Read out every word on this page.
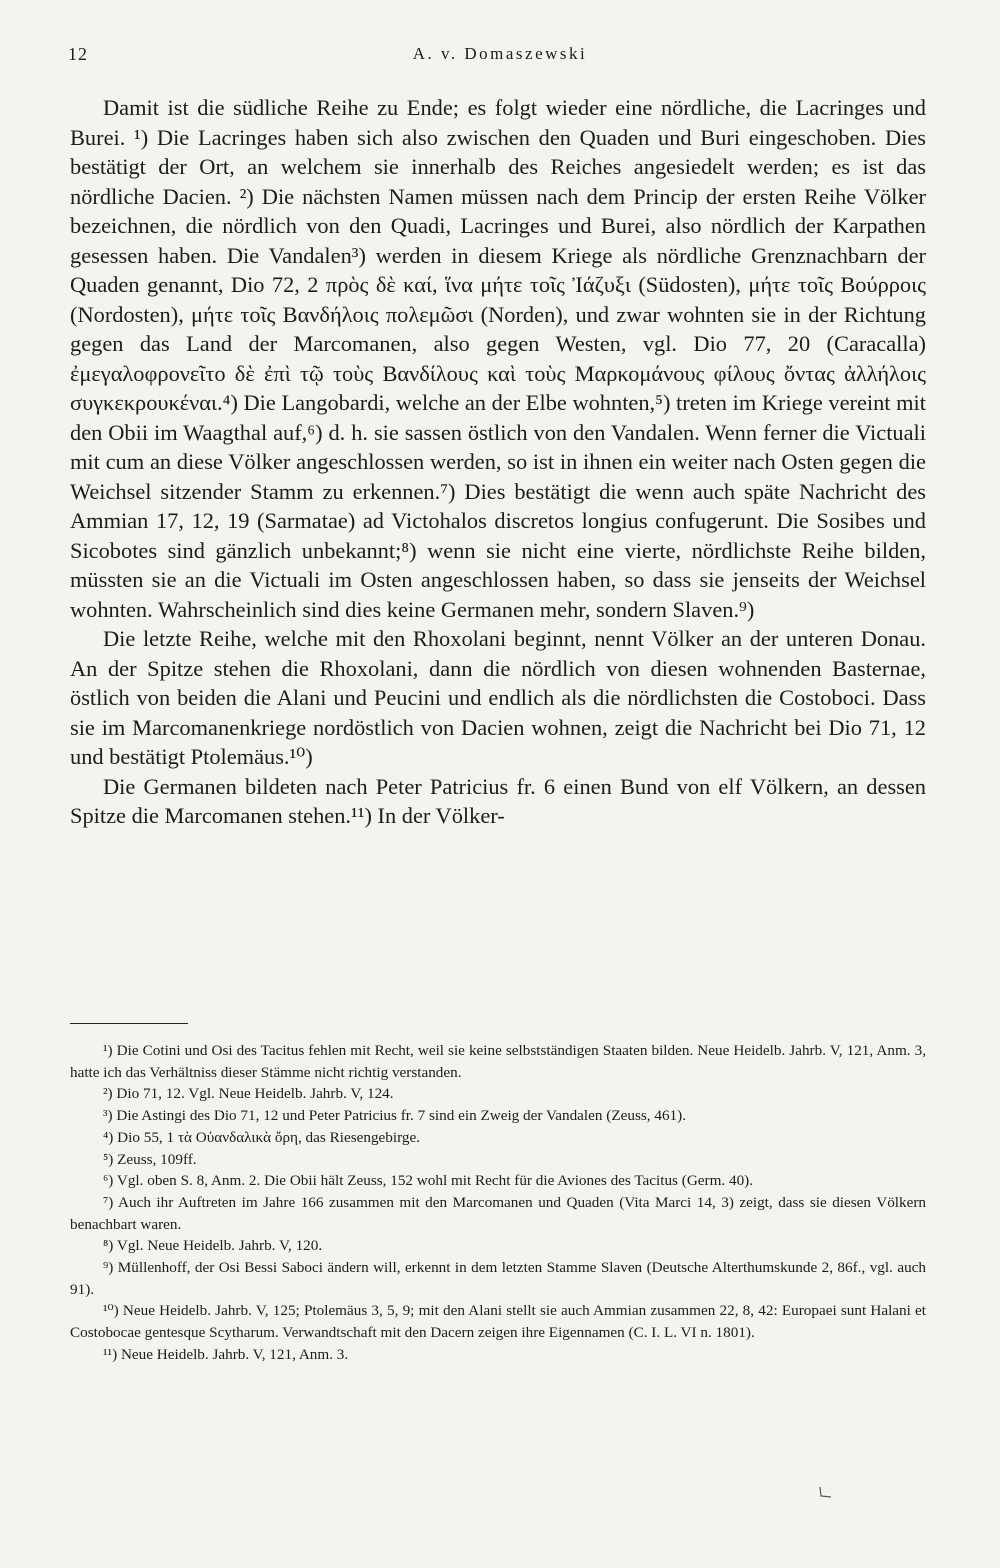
12	A. v. Domaszewski

Damit ist die südliche Reihe zu Ende; es folgt wieder eine nördliche, die Lacringes und Burei. ¹) Die Lacringes haben sich also zwischen den Quaden und Buri eingeschoben. Dies bestätigt der Ort, an welchem sie innerhalb des Reiches angesiedelt werden; es ist das nördliche Dacien. ²) Die nächsten Namen müssen nach dem Princip der ersten Reihe Völker bezeichnen, die nördlich von den Quadi, Lacringes und Burei, also nördlich der Karpathen gesessen haben. Die Vandalen³) werden in diesem Kriege als nördliche Grenznachbarn der Quaden genannt, Dio 72, 2 πρὸς δὲ καί, ἵνα μήτε τοῖς Ἰάζυξι (Südosten), μήτε τοῖς Βούρροις (Nordosten), μήτε τοῖς Βανδήλοις πολεμῶσι (Norden), und zwar wohnten sie in der Richtung gegen das Land der Marcomanen, also gegen Westen, vgl. Dio 77, 20 (Caracalla) ἐμεγαλοφρονεῖτο δὲ ἐπὶ τῷ τοὺς Βανδίλους καὶ τοὺς Μαρκομάνους φίλους ὄντας ἀλλήλοις συγκεκρουκέναι.⁴) Die Langobardi, welche an der Elbe wohnten,⁵) treten im Kriege vereint mit den Obii im Waagthal auf,⁶) d. h. sie sassen östlich von den Vandalen. Wenn ferner die Victuali mit cum an diese Völker angeschlossen werden, so ist in ihnen ein weiter nach Osten gegen die Weichsel sitzender Stamm zu erkennen.⁷) Dies bestätigt die wenn auch späte Nachricht des Ammian 17, 12, 19 (Sarmatae) ad Victohalos discretos longius confugerunt. Die Sosibes und Sicobotes sind gänzlich unbekannt;⁸) wenn sie nicht eine vierte, nördlichste Reihe bilden, müssten sie an die Victuali im Osten angeschlossen haben, so dass sie jenseits der Weichsel wohnten. Wahrscheinlich sind dies keine Germanen mehr, sondern Slaven.⁹)

Die letzte Reihe, welche mit den Rhoxolani beginnt, nennt Völker an der unteren Donau. An der Spitze stehen die Rhoxolani, dann die nördlich von diesen wohnenden Basternae, östlich von beiden die Alani und Peucini und endlich als die nördlichsten die Costoboci. Dass sie im Marcomanenkriege nordöstlich von Dacien wohnen, zeigt die Nachricht bei Dio 71, 12 und bestätigt Ptolemäus.¹⁰)

Die Germanen bildeten nach Peter Patricius fr. 6 einen Bund von elf Völkern, an dessen Spitze die Marcomanen stehen.¹¹) In der Völker-

¹) Die Cotini und Osi des Tacitus fehlen mit Recht, weil sie keine selbstständigen Staaten bilden. Neue Heidelb. Jahrb. V, 121, Anm. 3, hatte ich das Verhältniss dieser Stämme nicht richtig verstanden.

²) Dio 71, 12. Vgl. Neue Heidelb. Jahrb. V, 124.

³) Die Astingi des Dio 71, 12 und Peter Patricius fr. 7 sind ein Zweig der Vandalen (Zeuss, 461).

⁴) Dio 55, 1 τὰ Οὐανδαλικὰ ὄρη, das Riesengebirge.

⁵) Zeuss, 109ff.

⁶) Vgl. oben S. 8, Anm. 2. Die Obii hält Zeuss, 152 wohl mit Recht für die Aviones des Tacitus (Germ. 40).

⁷) Auch ihr Auftreten im Jahre 166 zusammen mit den Marcomanen und Quaden (Vita Marci 14, 3) zeigt, dass sie diesen Völkern benachbart waren.

⁸) Vgl. Neue Heidelb. Jahrb. V, 120.

⁹) Müllenhoff, der Osi Bessi Saboci ändern will, erkennt in dem letzten Stamme Slaven (Deutsche Alterthumskunde 2, 86f., vgl. auch 91).

¹⁰) Neue Heidelb. Jahrb. V, 125; Ptolemäus 3, 5, 9; mit den Alani stellt sie auch Ammian zusammen 22, 8, 42: Europaei sunt Halani et Costobocae gentesque Scytharum. Verwandtschaft mit den Dacern zeigen ihre Eigennamen (C. I. L. VI n. 1801).

¹¹) Neue Heidelb. Jahrb. V, 121, Anm. 3.
